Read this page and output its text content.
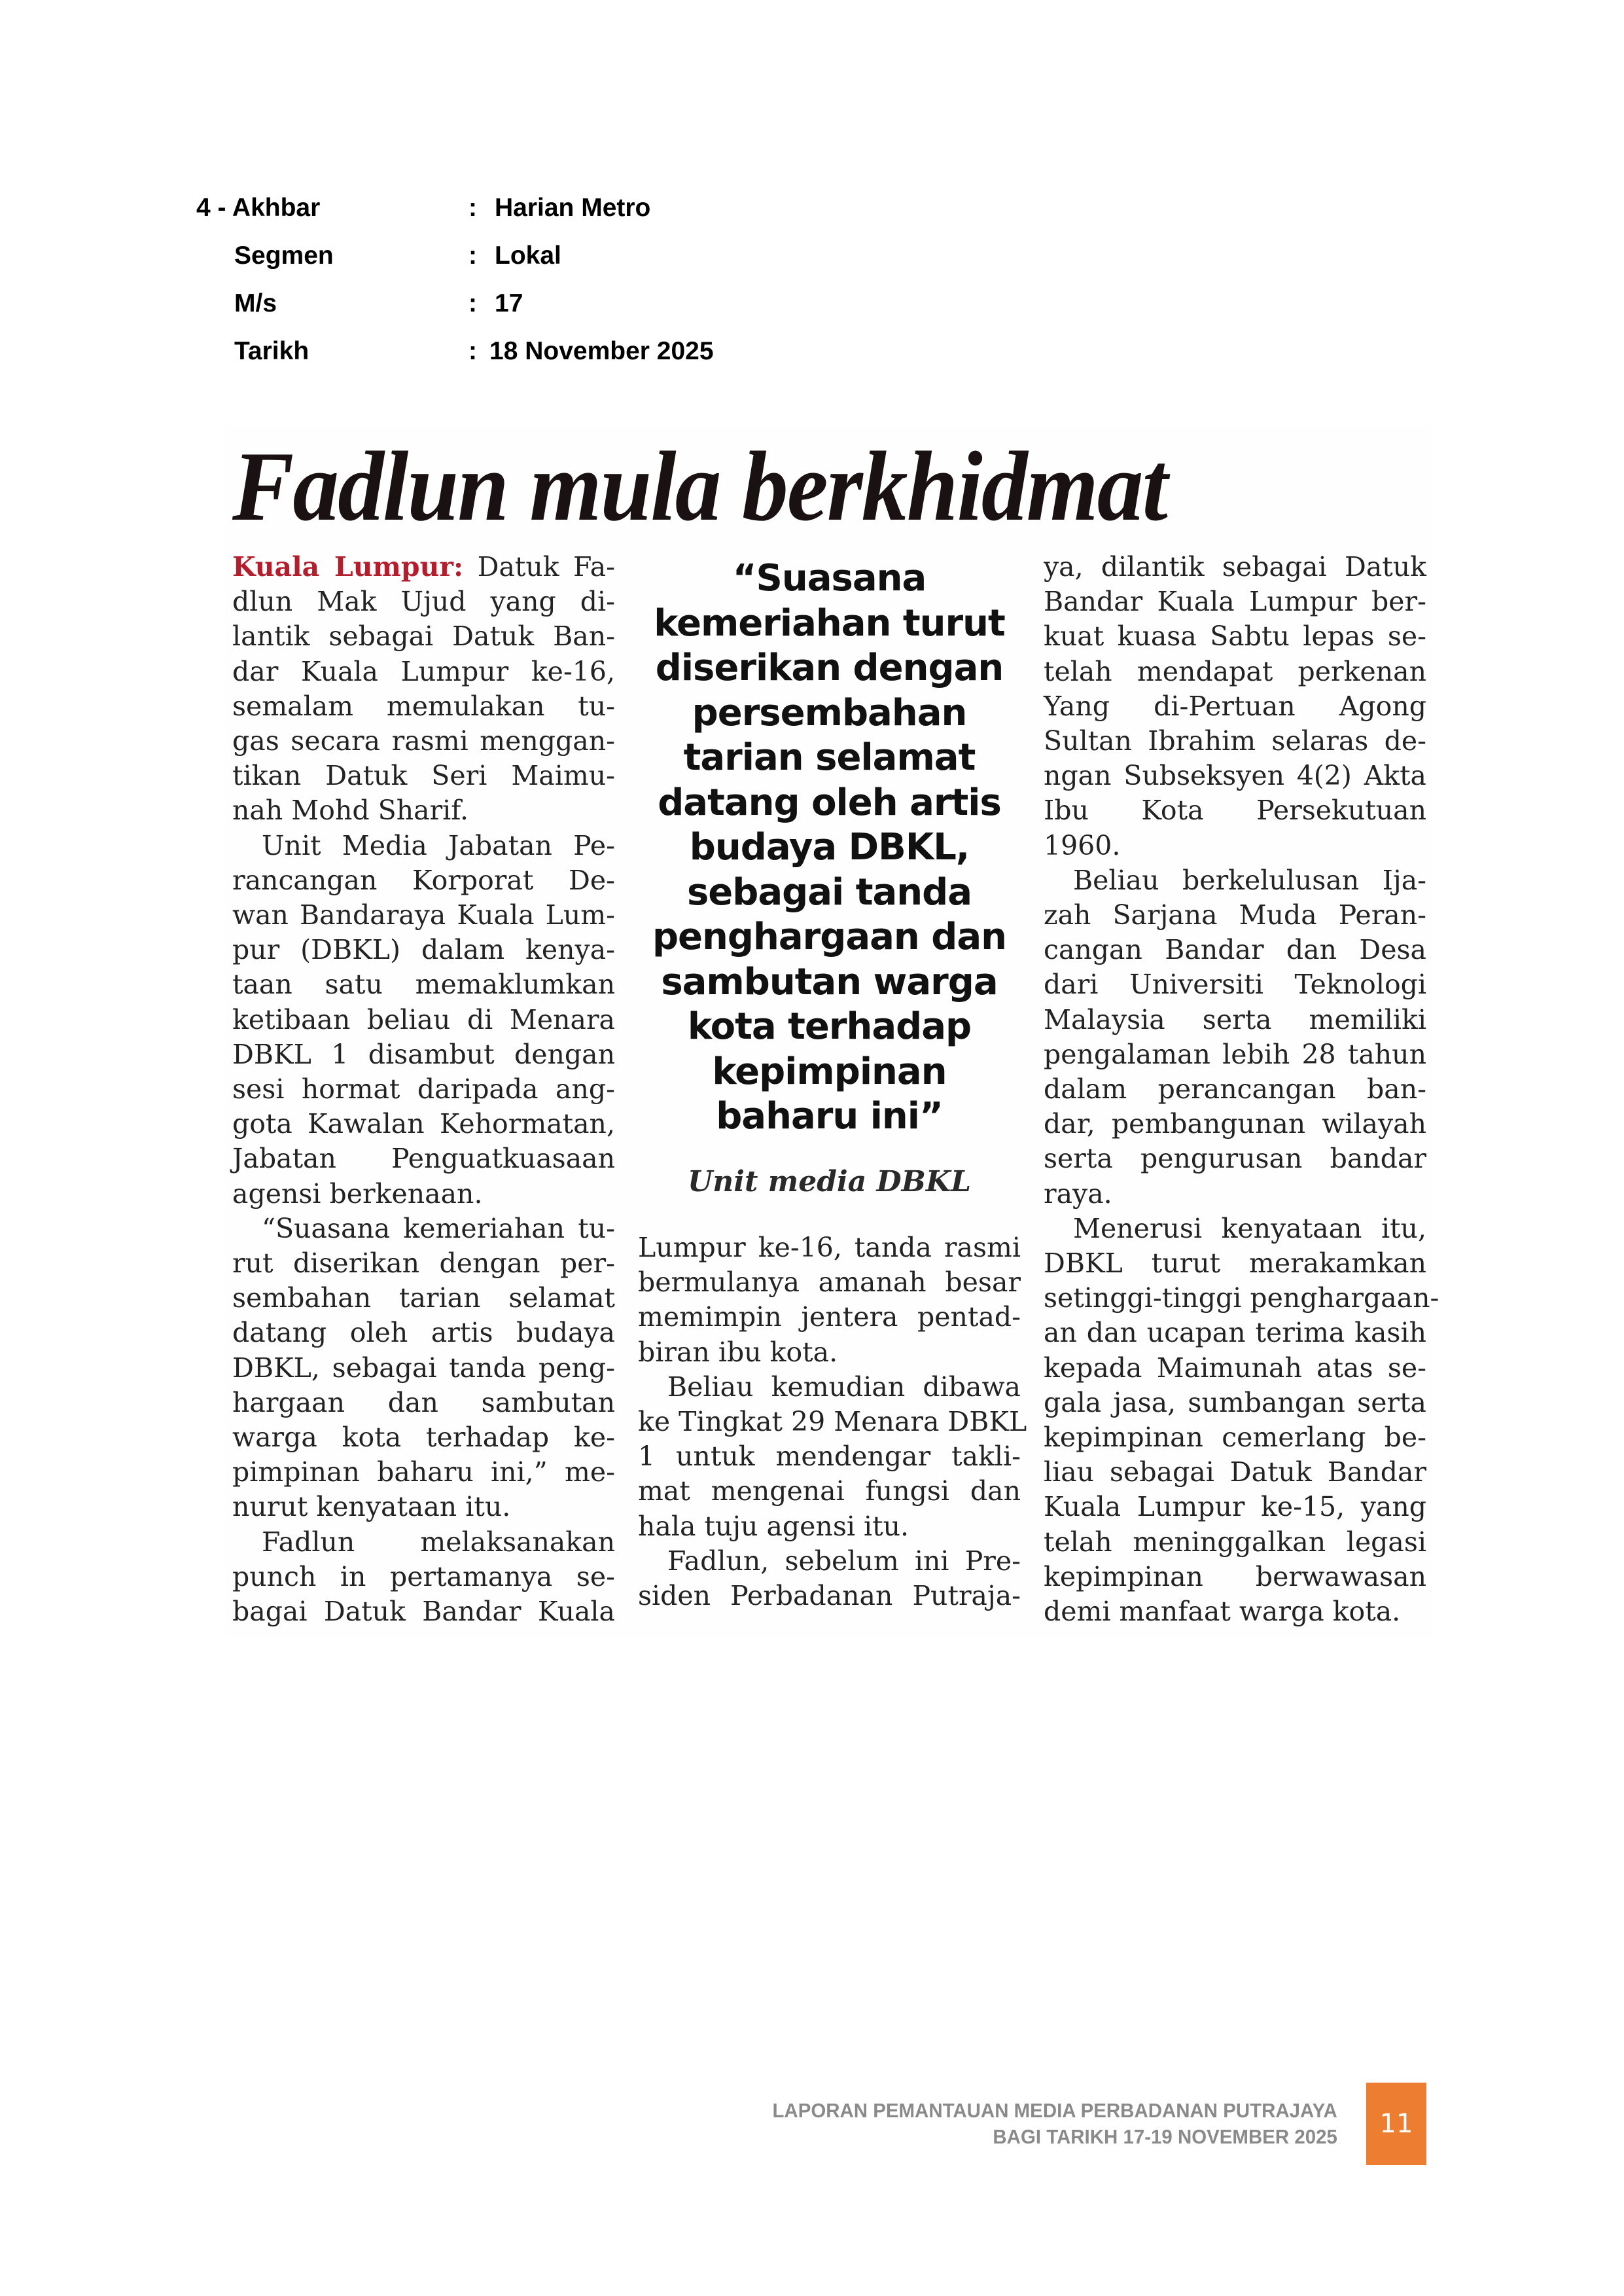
4 - Akhbar	: Harian Metro
Segmen	: Lokal
M/s	: 17
Tarikh	: 18 November 2025
Fadlun mula berkhidmat
Kuala Lumpur: Datuk Fa-
dlun Mak Ujud yang di-
lantik sebagai Datuk Ban-
dar Kuala Lumpur ke-16,
semalam memulakan tu-
gas secara rasmi menggan-
tikan Datuk Seri Maimu-
nah Mohd Sharif.
Unit Media Jabatan Pe-
rancangan Korporat De-
wan Bandaraya Kuala Lum-
pur (DBKL) dalam kenya-
taan satu memaklumkan
ketibaan beliau di Menara
DBKL 1 disambut dengan
sesi hormat daripada ang-
gota Kawalan Kehormatan,
Jabatan Penguatkuasaan
agensi berkenaan.
“Suasana kemeriahan tu-
rut diserikan dengan per-
sembahan tarian selamat
datang oleh artis budaya
DBKL, sebagai tanda peng-
hargaan dan sambutan
warga kota terhadap ke-
pimpinan baharu ini,” me-
nurut kenyataan itu.
Fadlun melaksanakan
punch in pertamanya se-
bagai Datuk Bandar Kuala
“Suasana
kemeriahan turut
diserikan dengan
persembahan
tarian selamat
datang oleh artis
budaya DBKL,
sebagai tanda
penghargaan dan
sambutan warga
kota terhadap
kepimpinan
baharu ini”
Unit media DBKL
Lumpur ke-16, tanda rasmi
bermulanya amanah besar
memimpin jentera pentad-
biran ibu kota.
Beliau kemudian dibawa
ke Tingkat 29 Menara DBKL
1 untuk mendengar takli-
mat mengenai fungsi dan
hala tuju agensi itu.
Fadlun, sebelum ini Pre-
siden Perbadanan Putraja-
ya, dilantik sebagai Datuk
Bandar Kuala Lumpur ber-
kuat kuasa Sabtu lepas se-
telah mendapat perkenan
Yang di-Pertuan Agong
Sultan Ibrahim selaras de-
ngan Subseksyen 4(2) Akta
Ibu Kota Persekutuan
1960.
Beliau berkelulusan Ija-
zah Sarjana Muda Peran-
cangan Bandar dan Desa
dari Universiti Teknologi
Malaysia serta memiliki
pengalaman lebih 28 tahun
dalam perancangan ban-
dar, pembangunan wilayah
serta pengurusan bandar
raya.
Menerusi kenyataan itu,
DBKL turut merakamkan
setinggi-tinggi penghargaan-
an dan ucapan terima kasih
kepada Maimunah atas se-
gala jasa, sumbangan serta
kepimpinan cemerlang be-
liau sebagai Datuk Bandar
Kuala Lumpur ke-15, yang
telah meninggalkan legasi
kepimpinan berwawasan
demi manfaat warga kota.
LAPORAN PEMANTAUAN MEDIA PERBADANAN PUTRAJAYA
BAGI TARIKH 17-19 NOVEMBER 2025	11
